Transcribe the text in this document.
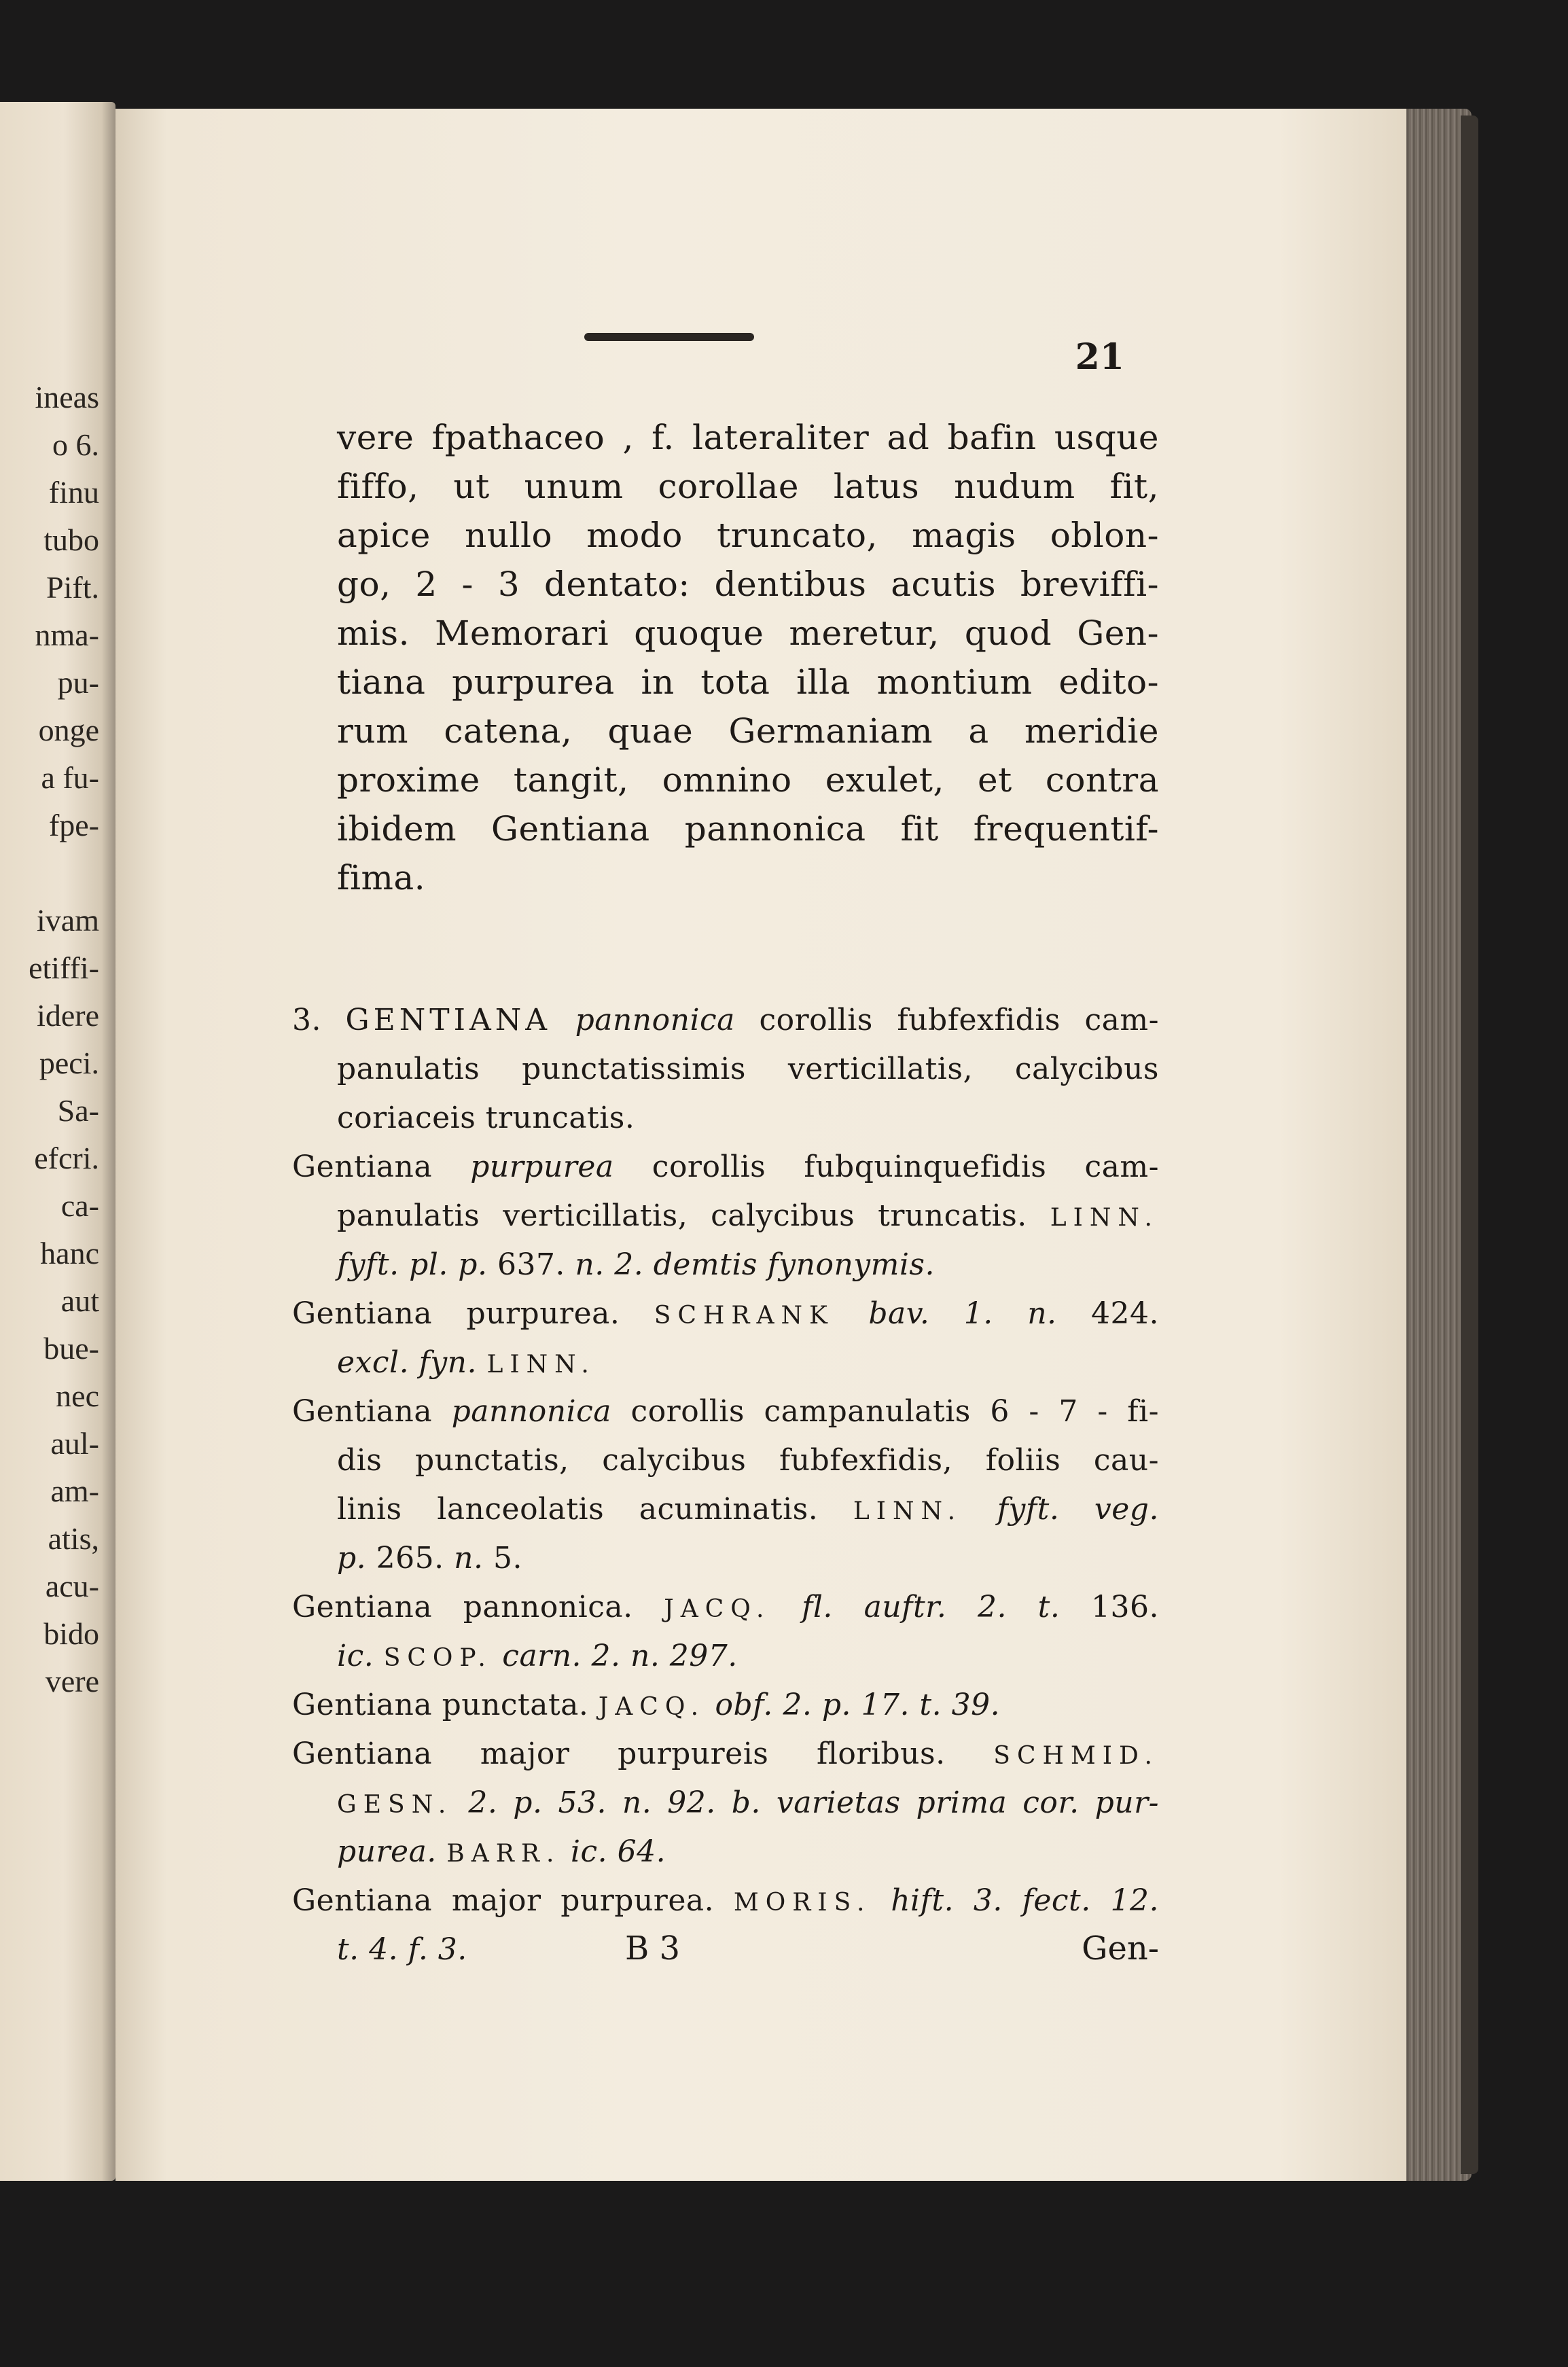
ineas
o 6.
finu
tubo
Pift.
nma-
pu-
onge
a fu-
fpe-
ivam
etiffi-
idere
peci.
Sa-
efcri.
ca-
hanc
aut
bue-
nec
aul-
am-
atis,
acu-
bido
vere
21
vere fpathaceo , f. lateraliter ad bafin usque
fiffo, ut unum corollae latus nudum fit,
apice nullo modo truncato, magis oblon-
go, 2 - 3 dentato: dentibus acutis breviffi-
mis. Memorari quoque meretur, quod Gen-
tiana purpurea in tota illa montium edito-
rum catena, quae Germaniam a meridie
proxime tangit, omnino exulet, et contra
ibidem Gentiana pannonica fit frequentif-
fima.
3. GENTIANA pannonica corollis fubfexfidis cam-
panulatis punctatissimis verticillatis, calycibus
coriaceis truncatis.
Gentiana purpurea corollis fubquinquefidis cam-
panulatis verticillatis, calycibus truncatis. LINN.
fyft. pl. p. 637. n. 2. demtis fynonymis.
Gentiana purpurea. SCHRANK bav. 1. n. 424.
excl. fyn. LINN.
Gentiana pannonica corollis campanulatis 6 - 7 - fi-
dis punctatis, calycibus fubfexfidis, foliis cau-
linis lanceolatis acuminatis. LINN. fyft. veg.
p. 265. n. 5.
Gentiana pannonica. JACQ. fl. auftr. 2. t. 136.
ic. SCOP. carn. 2. n. 297.
Gentiana punctata. JACQ. obf. 2. p. 17. t. 39.
Gentiana major purpureis floribus. SCHMID.
GESN. 2. p. 53. n. 92. b. varietas prima cor. pur-
purea. BARR. ic. 64.
Gentiana major purpurea. MORIS. hift. 3. fect. 12.
t. 4. f. 3.	B 3	Gen-
